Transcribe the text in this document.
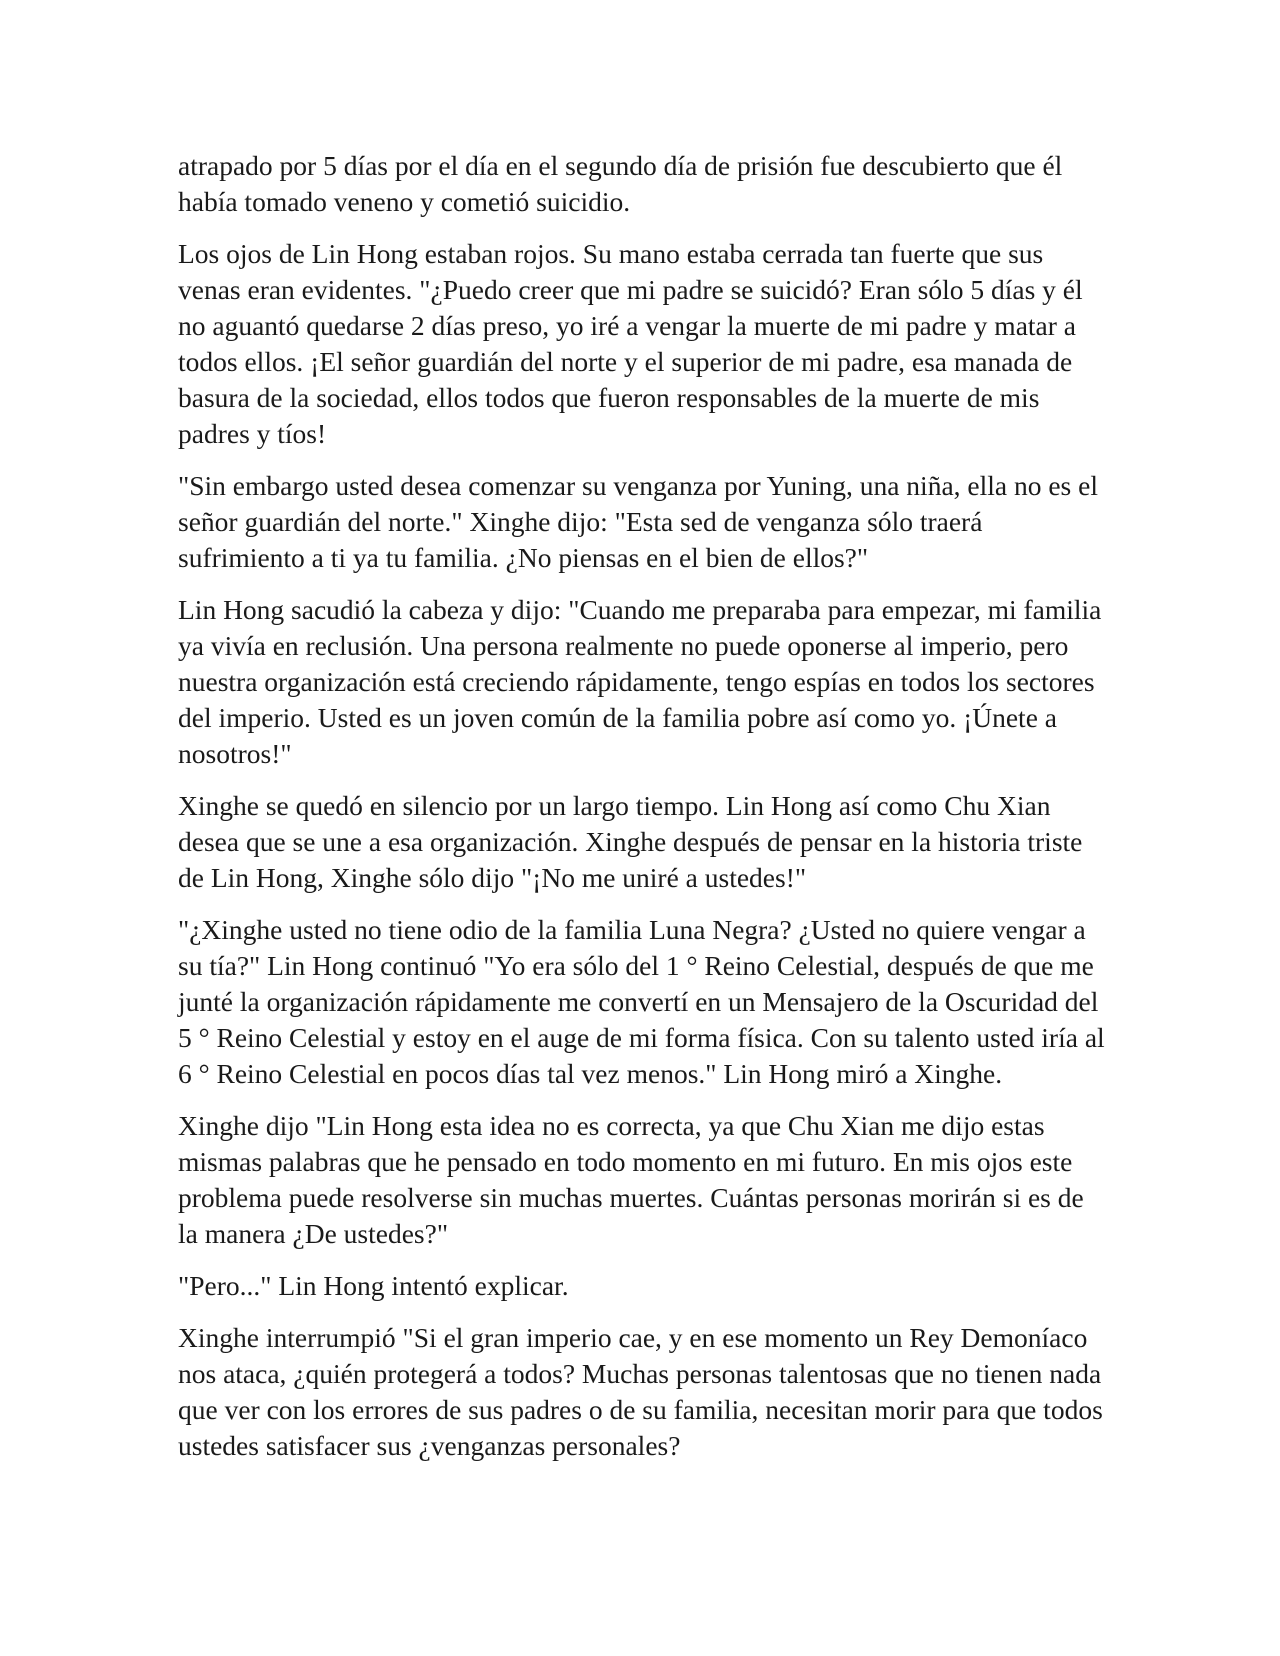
atrapado por 5 días por el día en el segundo día de prisión fue descubierto que él había tomado veneno y cometió suicidio.

Los ojos de Lin Hong estaban rojos. Su mano estaba cerrada tan fuerte que sus venas eran evidentes. "¿Puedo creer que mi padre se suicidó? Eran sólo 5 días y él no aguantó quedarse 2 días preso, yo iré a vengar la muerte de mi padre y matar a todos ellos. ¡El señor guardián del norte y el superior de mi padre, esa manada de basura de la sociedad, ellos todos que fueron responsables de la muerte de mis padres y tíos!

"Sin embargo usted desea comenzar su venganza por Yuning, una niña, ella no es el señor guardián del norte." Xinghe dijo: "Esta sed de venganza sólo traerá sufrimiento a ti ya tu familia. ¿No piensas en el bien de ellos?"

Lin Hong sacudió la cabeza y dijo: "Cuando me preparaba para empezar, mi familia ya vivía en reclusión. Una persona realmente no puede oponerse al imperio, pero nuestra organización está creciendo rápidamente, tengo espías en todos los sectores del imperio. Usted es un joven común de la familia pobre así como yo. ¡Únete a nosotros!"

Xinghe se quedó en silencio por un largo tiempo. Lin Hong así como Chu Xian desea que se une a esa organización. Xinghe después de pensar en la historia triste de Lin Hong, Xinghe sólo dijo "¡No me uniré a ustedes!"

"¿Xinghe usted no tiene odio de la familia Luna Negra? ¿Usted no quiere vengar a su tía?" Lin Hong continuó "Yo era sólo del 1 ° Reino Celestial, después de que me junté la organización rápidamente me convertí en un Mensajero de la Oscuridad del 5 ° Reino Celestial y estoy en el auge de mi forma física. Con su talento usted iría al 6 ° Reino Celestial en pocos días tal vez menos." Lin Hong miró a Xinghe.

Xinghe dijo "Lin Hong esta idea no es correcta, ya que Chu Xian me dijo estas mismas palabras que he pensado en todo momento en mi futuro. En mis ojos este problema puede resolverse sin muchas muertes. Cuántas personas morirán si es de la manera ¿De ustedes?"

"Pero..." Lin Hong intentó explicar.

Xinghe interrumpió "Si el gran imperio cae, y en ese momento un Rey Demoníaco nos ataca, ¿quién protegerá a todos? Muchas personas talentosas que no tienen nada que ver con los errores de sus padres o de su familia, necesitan morir para que todos ustedes satisfacer sus ¿venganzas personales?
